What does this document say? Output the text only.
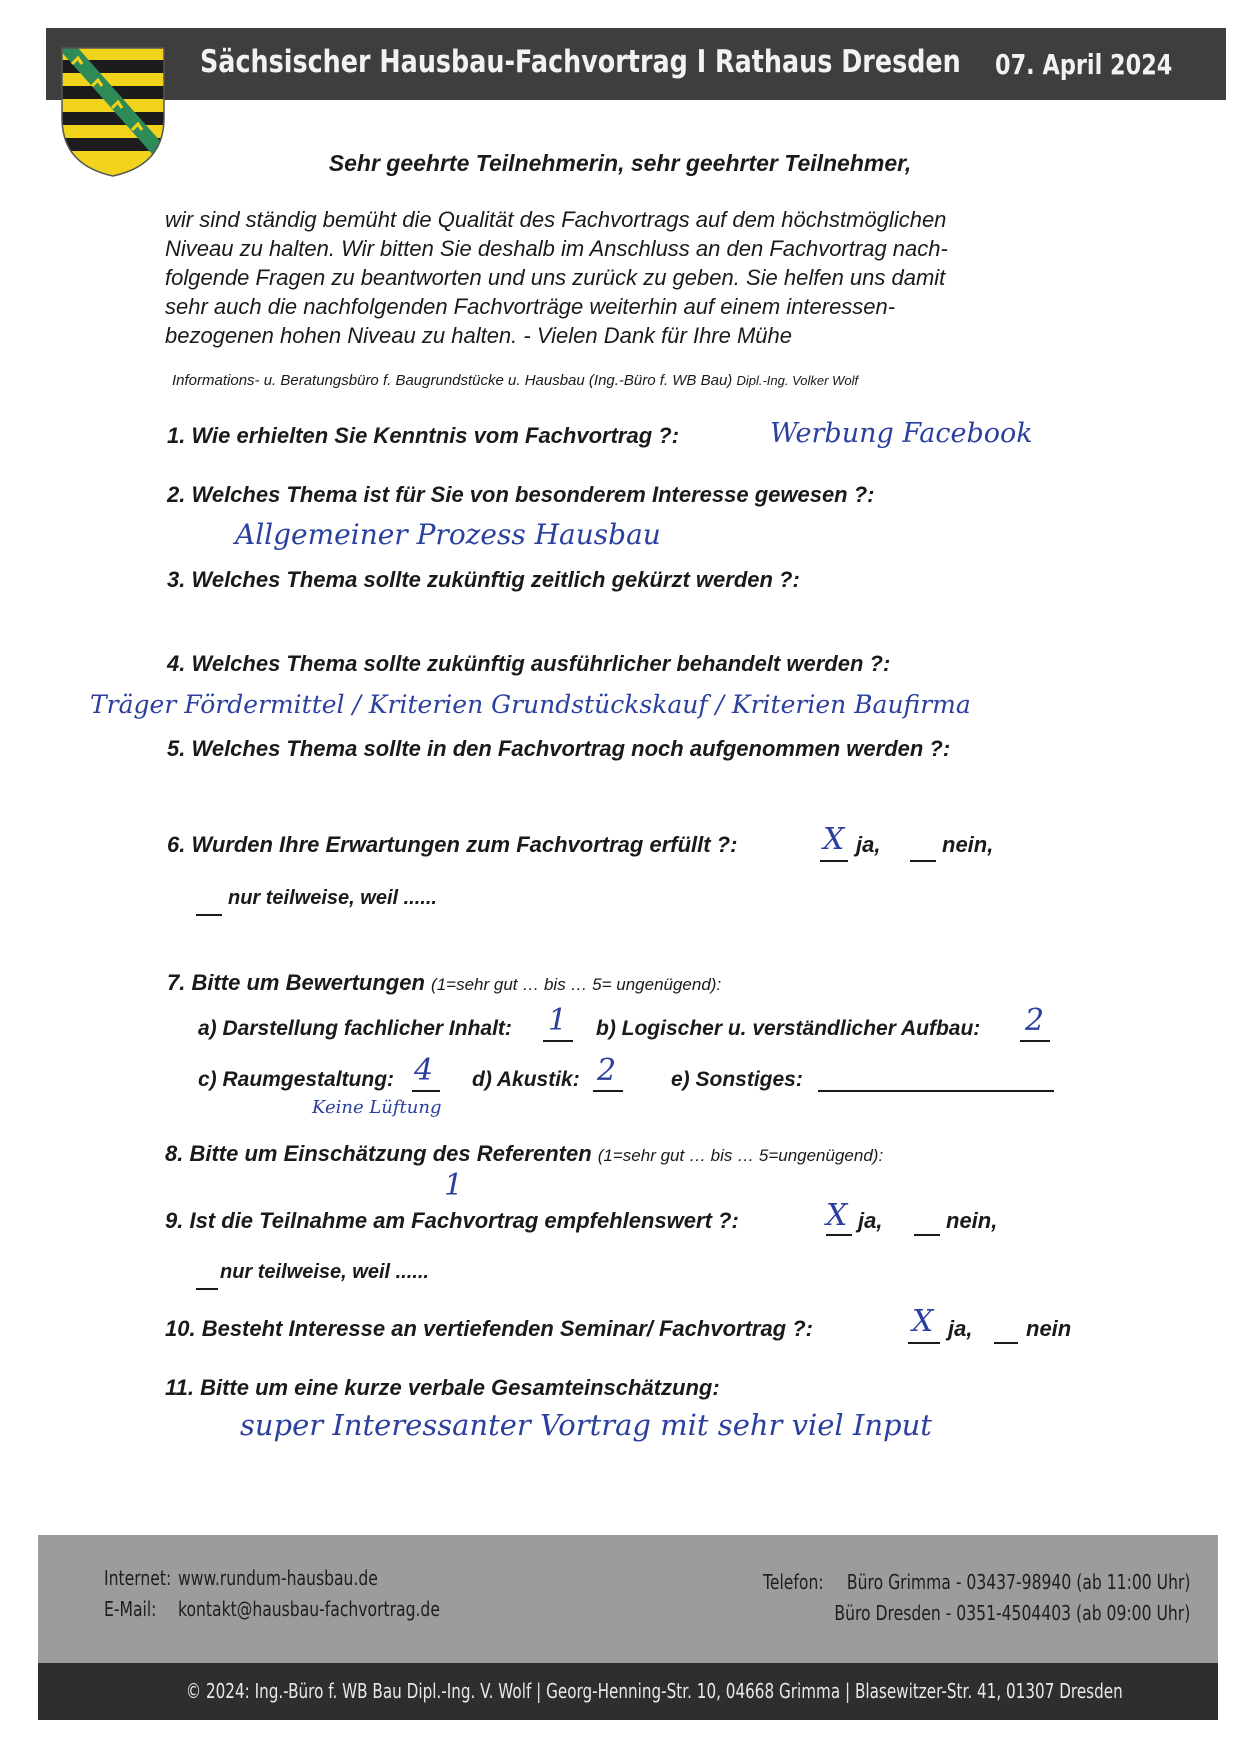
Sächsischer Hausbau-Fachvortrag I Rathaus Dresden 07. April 2024
Sehr geehrte Teilnehmerin, sehr geehrter Teilnehmer,
wir sind ständig bemüht die Qualität des Fachvortrags auf dem höchstmöglichen
Niveau zu halten. Wir bitten Sie deshalb im Anschluss an den Fachvortrag nach-
folgende Fragen zu beantworten und uns zurück zu geben. Sie helfen uns damit
sehr auch die nachfolgenden Fachvorträge weiterhin auf einem interessen-
bezogenen hohen Niveau zu halten. - Vielen Dank für Ihre Mühe
Informations- u. Beratungsbüro f. Baugrundstücke u. Hausbau (Ing.-Büro f. WB Bau) Dipl.-Ing. Volker Wolf
1. Wie erhielten Sie Kenntnis vom Fachvortrag ?:	Werbung Facebook
2. Welches Thema ist für Sie von besonderem Interesse gewesen ?:
Allgemeiner Prozess Hausbau
3. Welches Thema sollte zukünftig zeitlich gekürzt werden ?:
4. Welches Thema sollte zukünftig ausführlicher behandelt werden ?:
Träger Fördermittel / Kriterien Grundstückskauf / Kriterien Baufirma
5. Welches Thema sollte in den Fachvortrag noch aufgenommen werden ?:
6. Wurden Ihre Erwartungen zum Fachvortrag erfüllt ?:	X ja,	nein,
nur teilweise, weil ......
7. Bitte um Bewertungen (1=sehr gut … bis … 5= ungenügend):
a) Darstellung fachlicher Inhalt: 1 b) Logischer u. verständlicher Aufbau: 2
c) Raumgestaltung: 4
Keine Lüftung
d) Akustik: 2	e) Sonstiges:
8. Bitte um Einschätzung des Referenten (1=sehr gut … bis … 5=ungenügend):
1
9. Ist die Teilnahme am Fachvortrag empfehlenswert ?:	X ja,	nein,
nur teilweise, weil ......
10. Besteht Interesse an vertiefenden Seminar/ Fachvortrag ?:	X ja, nein
11. Bitte um eine kurze verbale Gesamteinschätzung:
super Interessanter Vortrag mit sehr viel Input
Internet: www.rundum-hausbau.de
E-Mail: kontakt@hausbau-fachvortrag.de
Telefon: Büro Grimma - 03437-98940 (ab 11:00 Uhr)
Büro Dresden - 0351-4504403 (ab 09:00 Uhr)
© 2024: Ing.-Büro f. WB Bau Dipl.-Ing. V. Wolf | Georg-Henning-Str. 10, 04668 Grimma | Blasewitzer-Str. 41, 01307 Dresden
